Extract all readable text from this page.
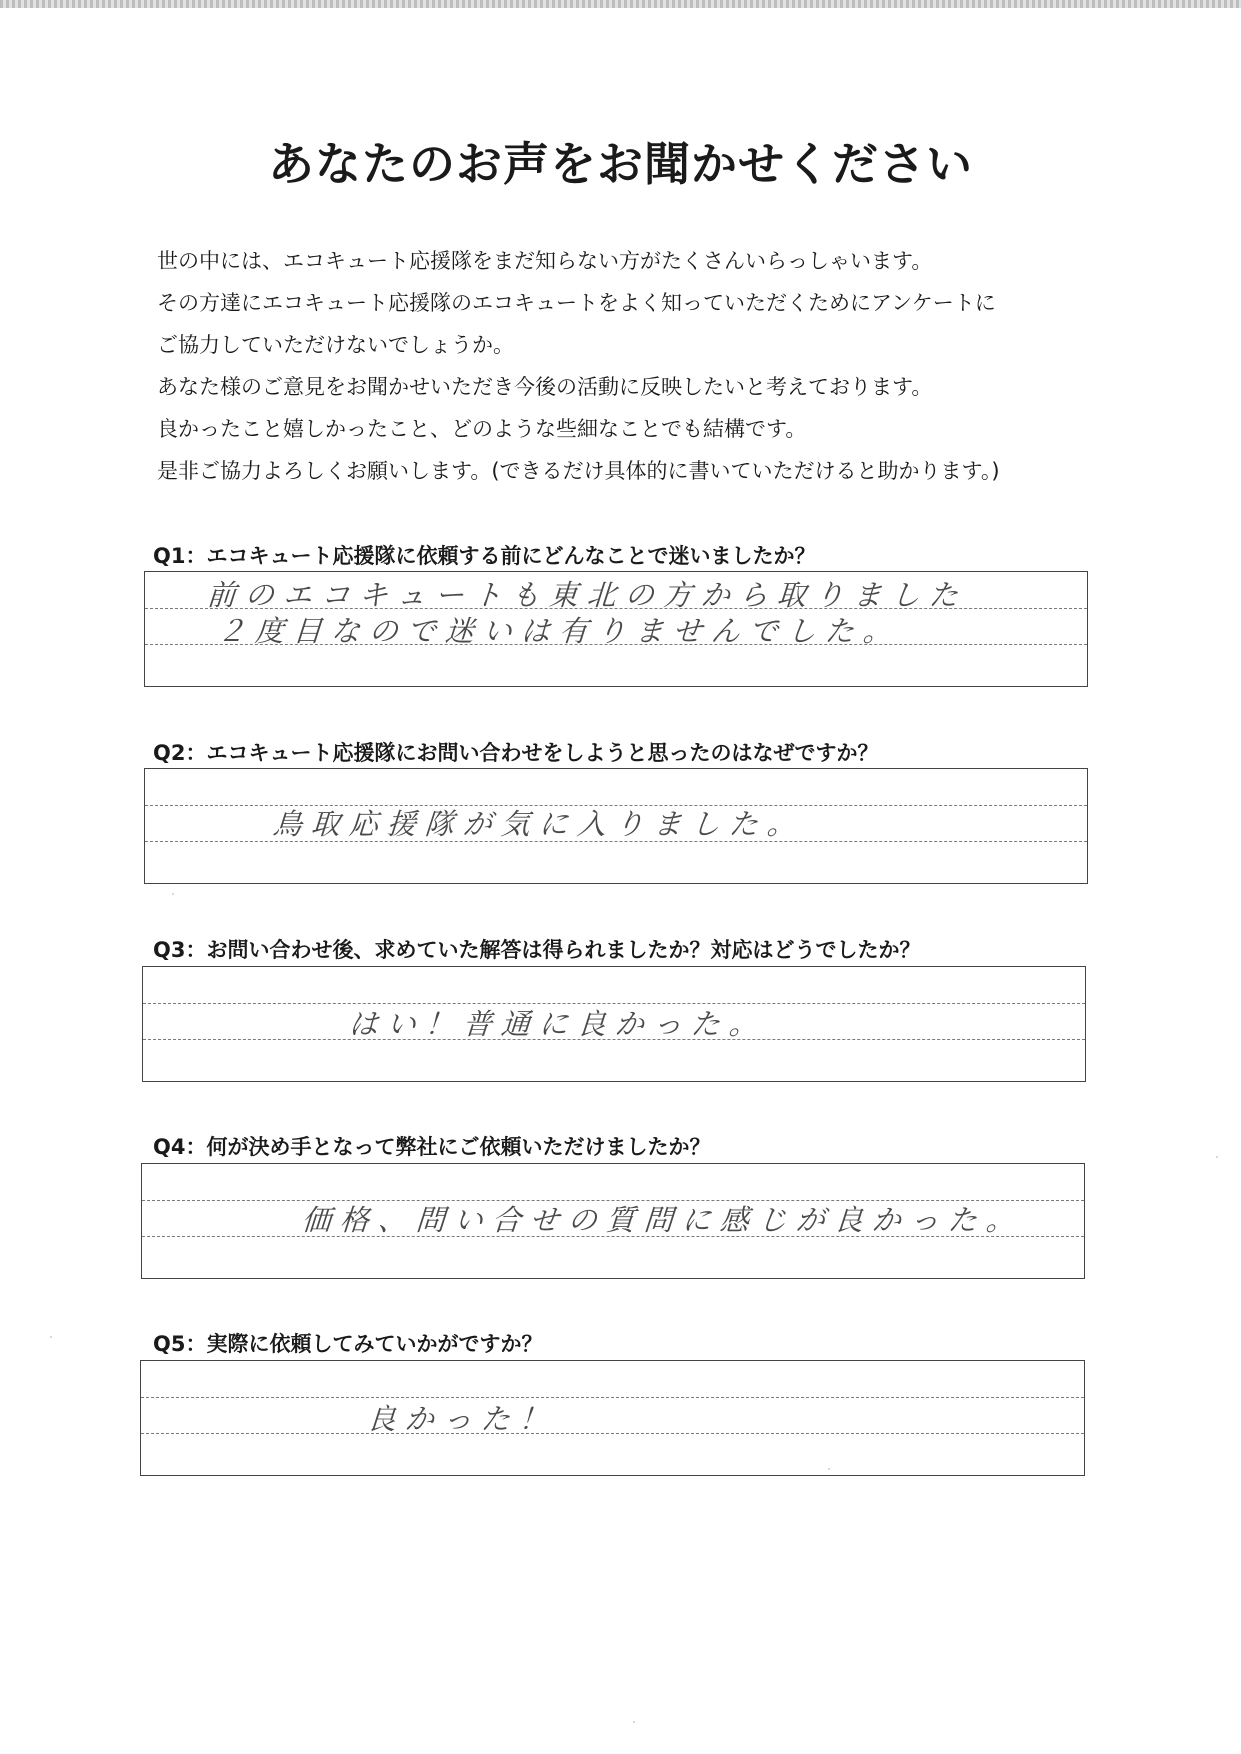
あなたのお声をお聞かせください

世の中には、エコキュート応援隊をまだ知らない方がたくさんいらっしゃいます。

その方達にエコキュート応援隊のエコキュートをよく知っていただくためにアンケートに

ご協力していただけないでしょうか。

あなた様のご意見をお聞かせいただき今後の活動に反映したいと考えております。

良かったこと嬉しかったこと、どのような些細なことでも結構です。

是非ご協力よろしくお願いします。(できるだけ具体的に書いていただけると助かります。)

Q1：エコキュート応援隊に依頼する前にどんなことで迷いましたか？
前のエコキュートも東北の方から取りました
２度目なので迷いは有りませんでした。
Q2：エコキュート応援隊にお問い合わせをしようと思ったのはなぜですか？
鳥取応援隊が気に入りました。
Q3：お問い合わせ後、求めていた解答は得られましたか？対応はどうでしたか？
はい！普通に良かった。
Q4：何が決め手となって弊社にご依頼いただけましたか？
価格、問い合せの質問に感じが良かった。
Q5：実際に依頼してみていかがですか？
良かった！
